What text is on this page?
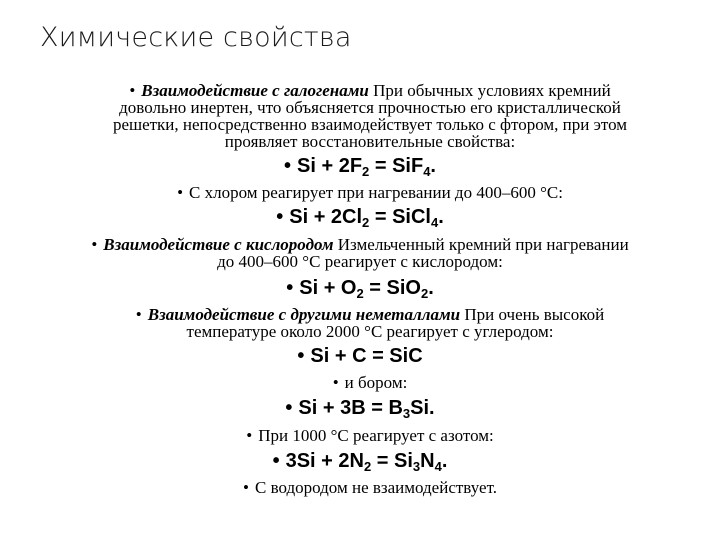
Химические свойства
• Взаимодействие с галогенами При обычных условиях кремний
довольно инертен, что объясняется прочностью его кристаллической
решетки, непосредственно взаимодействует только с фтором, при этом
проявляет восстановительные свойства:
• $Si + 2F_2 = SiF_4$.
• С хлором реагирует при нагревании до 400–600 °C:
• $Si + 2Cl_2$ = SiCl$_4$.
• Взаимодействие с кислородом Измельченный кремний при нагревании
до 400–600 °C реагирует с кислородом:
• $Si + O_2 = SiO_2$.
• Взаимодействие с другими неметаллами При очень высокой
температуре около 2000 °C реагирует с углеродом:
• Si + C = SiC
• и бором:
• $Si + 3B = B_3Si$.
• При 1000 °C реагирует с азотом:
• $3Si + 2N_2 = Si_3N_4$.
• С водородом не взаимодействует.
